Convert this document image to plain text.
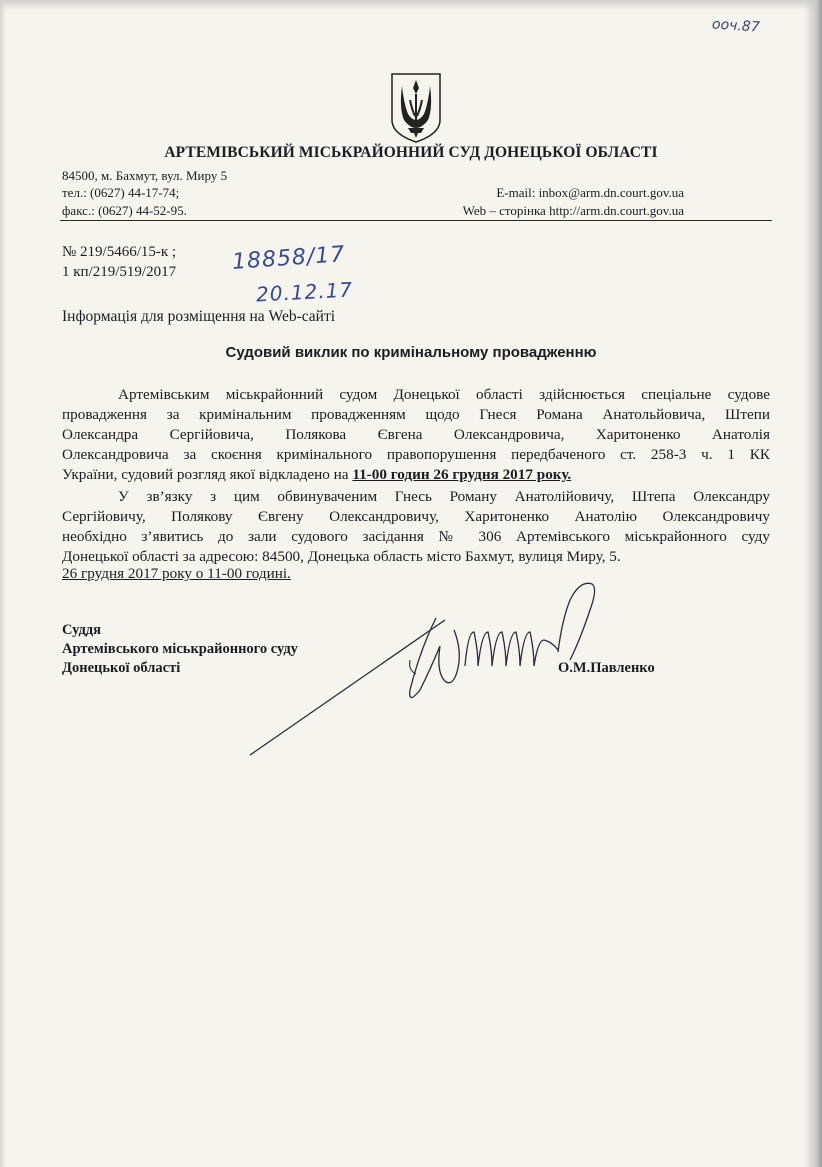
ооч.87
АРТЕМІВСЬКИЙ МІСЬКРАЙОННИЙ СУД ДОНЕЦЬКОЇ ОБЛАСТІ
84500, м. Бахмут, вул. Миру 5
тел.: (0627) 44-17-74;	E-mail: inbox@arm.dn.court.gov.ua
факс.: (0627) 44-52-95.	Web – сторінка http://arm.dn.court.gov.ua
№ 219/5466/15-к ;
1 кп/219/519/2017	18858/17
20.12.17
Інформація для розміщення на Web-сайті
Судовий виклик по кримінальному провадженню
Артемівським міськрайонний судом Донецької області здійснюється спеціальне судове
провадження за кримінальним провадженням щодо Гнеся Романа Анатольйовича, Штепи
Олександра Сергійовича, Полякова Євгена Олександровича, Харитоненко Анатолія
Олександровича за скоєння кримінального правопорушення передбаченого ст. 258-3 ч. 1 КК
України, судовий розгляд якої відкладено на 11-00 годин 26 грудня 2017 року.
У зв’язку з цим обвинуваченим Гнесь Роману Анатолійовичу, Штепа Олександру
Сергійовичу, Полякову Євгену Олександровичу, Харитоненко Анатолію Олександровичу
необхідно з’явитись до зали судового засідання № 306 Артемівського міськрайонного суду
Донецької області за адресою: 84500, Донецька область місто Бахмут, вулиця Миру, 5.
26 грудня 2017 року о 11-00 годині.
Суддя
Артемівського міськрайонного суду
Донецької області	О.М.Павленко
